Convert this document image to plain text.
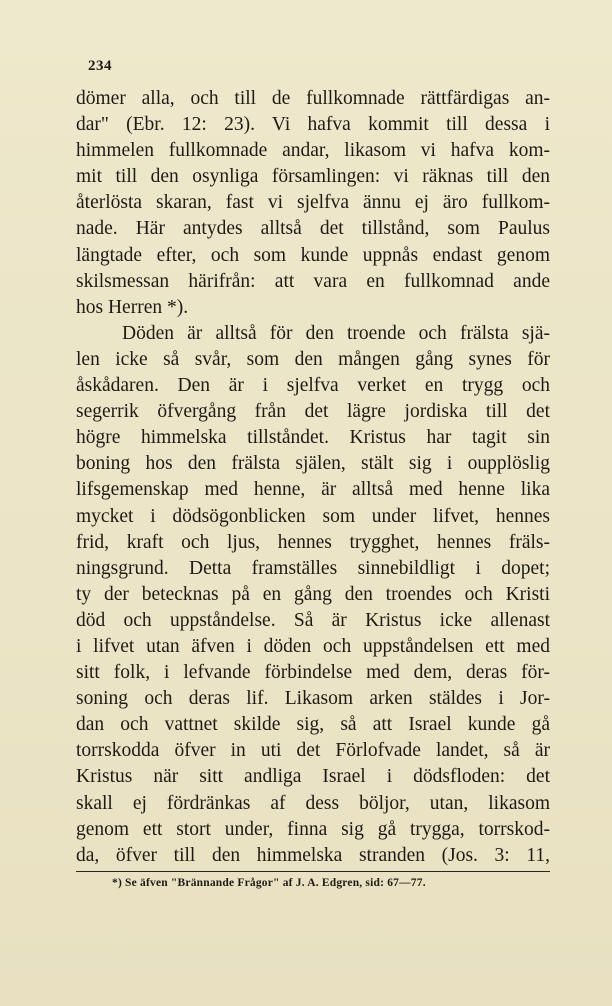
234
dömer alla, och till de fullkomnade rättfärdigas an-
dar" (Ebr. 12: 23). Vi hafva kommit till dessa i
himmelen fullkomnade andar, likasom vi hafva kom-
mit till den osynliga församlingen: vi räknas till den
återlösta skaran, fast vi sjelfva ännu ej äro fullkom-
nade. Här antydes alltså det tillstånd, som Paulus
längtade efter, och som kunde uppnås endast genom
skilsmessan härifrån: att vara en fullkomnad ande
hos Herren *).
Döden är alltså för den troende och frälsta sjä-
len icke så svår, som den mången gång synes för
åskådaren. Den är i sjelfva verket en trygg och
segerrik öfvergång från det lägre jordiska till det
högre himmelska tillståndet. Kristus har tagit sin
boning hos den frälsta själen, stält sig i oupplöslig
lifsgemenskap med henne, är alltså med henne lika
mycket i dödsögonblicken som under lifvet, hennes
frid, kraft och ljus, hennes trygghet, hennes fräls-
ningsgrund. Detta framställes sinnebildligt i dopet;
ty der betecknas på en gång den troendes och Kristi
död och uppståndelse. Så är Kristus icke allenast
i lifvet utan äfven i döden och uppståndelsen ett med
sitt folk, i lefvande förbindelse med dem, deras för-
soning och deras lif. Likasom arken stäldes i Jor-
dan och vattnet skilde sig, så att Israel kunde gå
torrskodda öfver in uti det Förlofvade landet, så är
Kristus när sitt andliga Israel i dödsfloden: det
skall ej fördränkas af dess böljor, utan, likasom
genom ett stort under, finna sig gå trygga, torrskod-
da, öfver till den himmelska stranden (Jos. 3: 11,
*) Se äfven "Brännande Frågor" af J. A. Edgren, sid: 67—77.
